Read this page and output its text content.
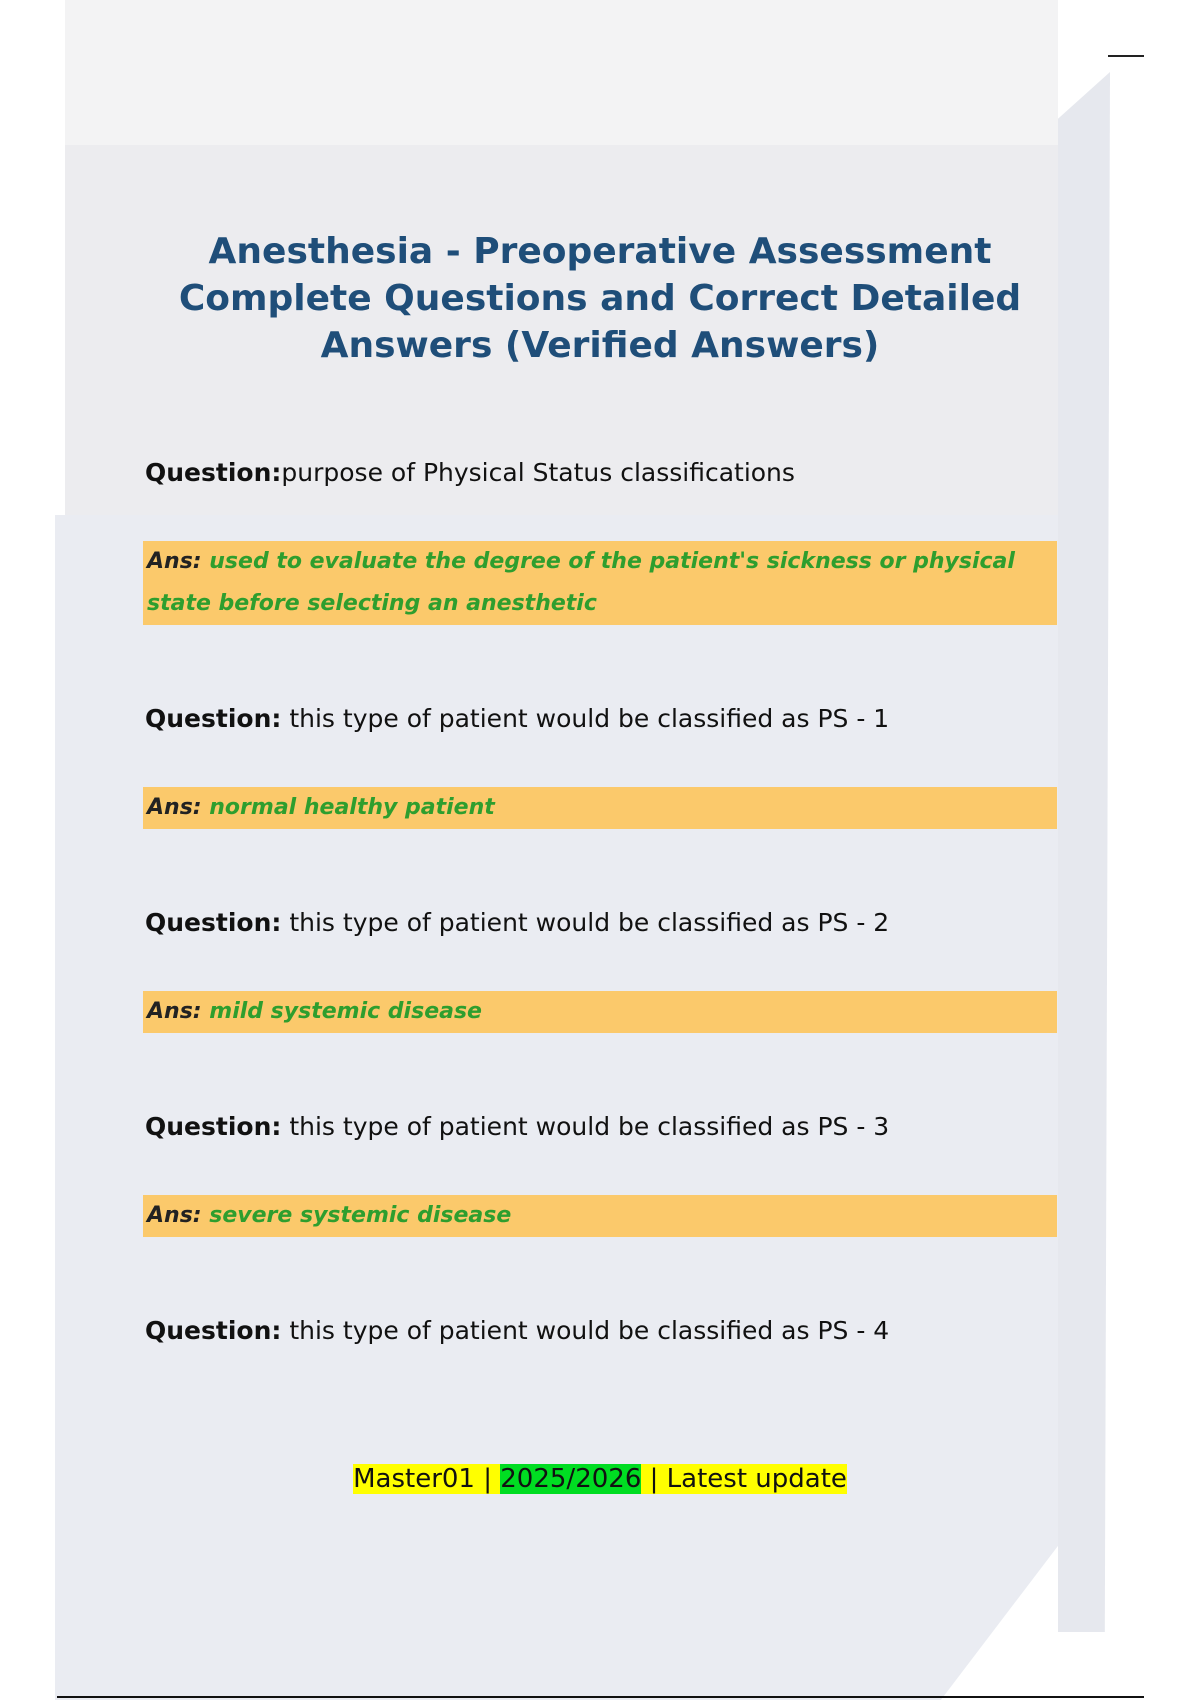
Anesthesia - Preoperative Assessment Complete Questions and Correct Detailed Answers (Verified Answers)
Question:purpose of Physical Status classifications
Ans: used to evaluate the degree of the patient's sickness or physical state before selecting an anesthetic
Question: this type of patient would be classified as PS - 1
Ans: normal healthy patient
Question: this type of patient would be classified as PS - 2
Ans: mild systemic disease
Question: this type of patient would be classified as PS - 3
Ans: severe systemic disease
Question: this type of patient would be classified as PS - 4
Master01 | 2025/2026 | Latest update
